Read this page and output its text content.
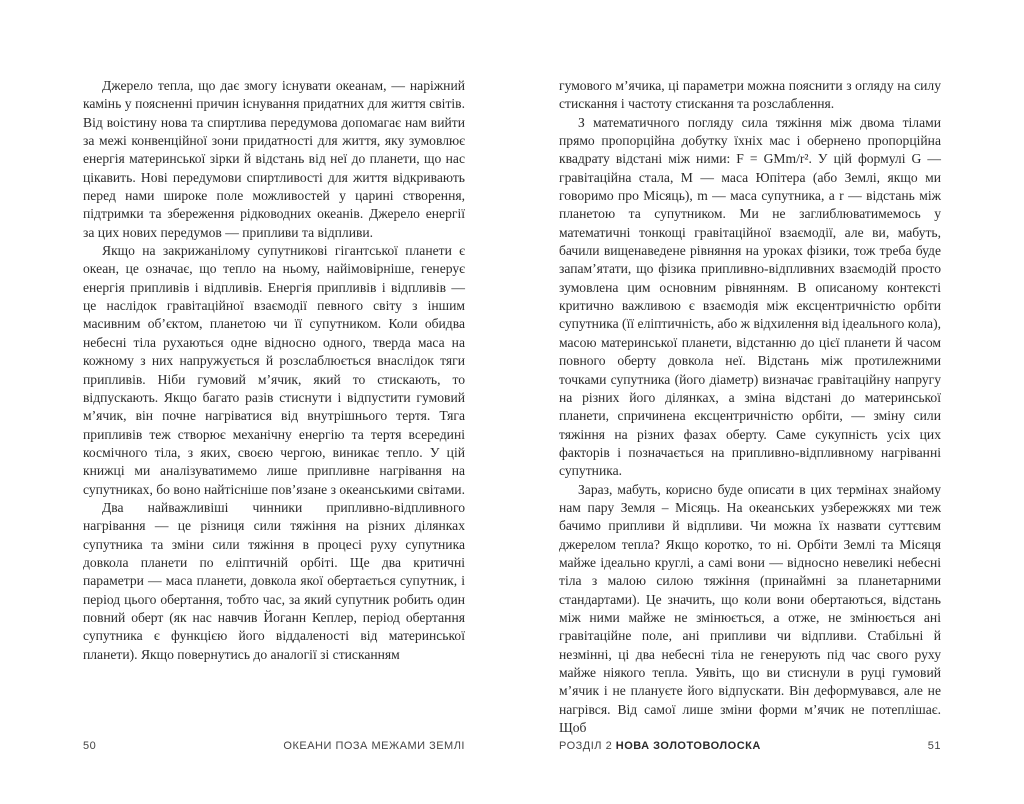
Джерело тепла, що дає змогу існувати океанам, — наріжний камінь у поясненні причин існування придатних для життя світів. Від воістину нова та спиртлива передумова допомагає нам вийти за межі конвенційної зони придатності для життя, яку зумовлює енергія материнської зірки й відстань від неї до планети, що нас цікавить. Нові передумови спиртливості для життя відкривають перед нами широке поле можливостей у царині створення, підтримки та збереження рідководних океанів. Джерело енергії за цих нових передумов — припливи та відпливи.

Якщо на закрижанілому супутникові гігантської планети є океан, це означає, що тепло на ньому, найімовірніше, генерує енергія припливів і відпливів. Енергія припливів і відпливів — це наслідок гравітаційної взаємодії певного світу з іншим масивним об’єктом, планетою чи її супутником. Коли обидва небесні тіла рухаються одне відносно одного, тверда маса на кожному з них напружується й розслаблюється внаслідок тяги припливів. Ніби гумовий м’ячик, який то стискають, то відпускають. Якщо багато разів стиснути і відпустити гумовий м’ячик, він почне нагріватися від внутрішнього тертя. Тяга припливів теж створює механічну енергію та тертя всередині космічного тіла, з яких, своєю чергою, виникає тепло. У цій книжці ми аналізуватимемо лише припливне нагрівання на супутниках, бо воно найтісніше пов’язане з океанськими світами.

Два найважливіші чинники припливно-відпливного нагрівання — це різниця сили тяжіння на різних ділянках супутника та зміни сили тяжіння в процесі руху супутника довкола планети по еліптичній орбіті. Ще два критичні параметри — маса планети, довкола якої обертається супутник, і період цього обертання, тобто час, за який супутник робить один повний оберт (як нас навчив Йоганн Кеплер, період обертання супутника є функцією його віддаленості від материнської планети). Якщо повернутись до аналогії зі стисканням

50	ОКЕАНИ ПОЗА МЕЖАМИ ЗЕМЛІ

гумового м’ячика, ці параметри можна пояснити з огляду на силу стискання і частоту стискання та розслаблення.

З математичного погляду сила тяжіння між двома тілами прямо пропорційна добутку їхніх мас і обернено пропорційна квадрату відстані між ними: F = GMm/r². У цій формулі G — гравітаційна стала, M — маса Юпітера (або Землі, якщо ми говоримо про Місяць), m — маса супутника, а r — відстань між планетою та супутником. Ми не заглиблюватимемось у математичні тонкощі гравітаційної взаємодії, але ви, мабуть, бачили вищенаведене рівняння на уроках фізики, тож треба буде запам’ятати, що фізика припливно-відпливних взаємодій просто зумовлена цим основним рівнянням. В описаному контексті критично важливою є взаємодія між ексцентричністю орбіти супутника (її еліптичність, або ж відхилення від ідеального кола), масою материнської планети, відстанню до цієї планети й часом повного оберту довкола неї. Відстань між протилежними точками супутника (його діаметр) визначає гравітаційну напругу на різних його ділянках, а зміна відстані до материнської планети, спричинена ексцентричністю орбіти, — зміну сили тяжіння на різних фазах оберту. Саме сукупність усіх цих факторів і позначається на припливно-відпливному нагріванні супутника.

Зараз, мабуть, корисно буде описати в цих термінах знайому нам пару Земля – Місяць. На океанських узбережжях ми теж бачимо припливи й відпливи. Чи можна їх назвати суттєвим джерелом тепла? Якщо коротко, то ні. Орбіти Землі та Місяця майже ідеально круглі, а самі вони — відносно невеликі небесні тіла з малою силою тяжіння (принаймні за планетарними стандартами). Це значить, що коли вони обертаються, відстань між ними майже не змінюється, а отже, не змінюється ані гравітаційне поле, ані припливи чи відпливи. Стабільні й незмінні, ці два небесні тіла не генерують під час свого руху майже ніякого тепла. Уявіть, що ви стиснули в руці гумовий м’ячик і не плануєте його відпускати. Він деформувався, але не нагрівся. Від самої лише зміни форми м’ячик не потеплішає. Щоб

РОЗДІЛ 2 НОВА ЗОЛОТОВОЛОСКА	51
